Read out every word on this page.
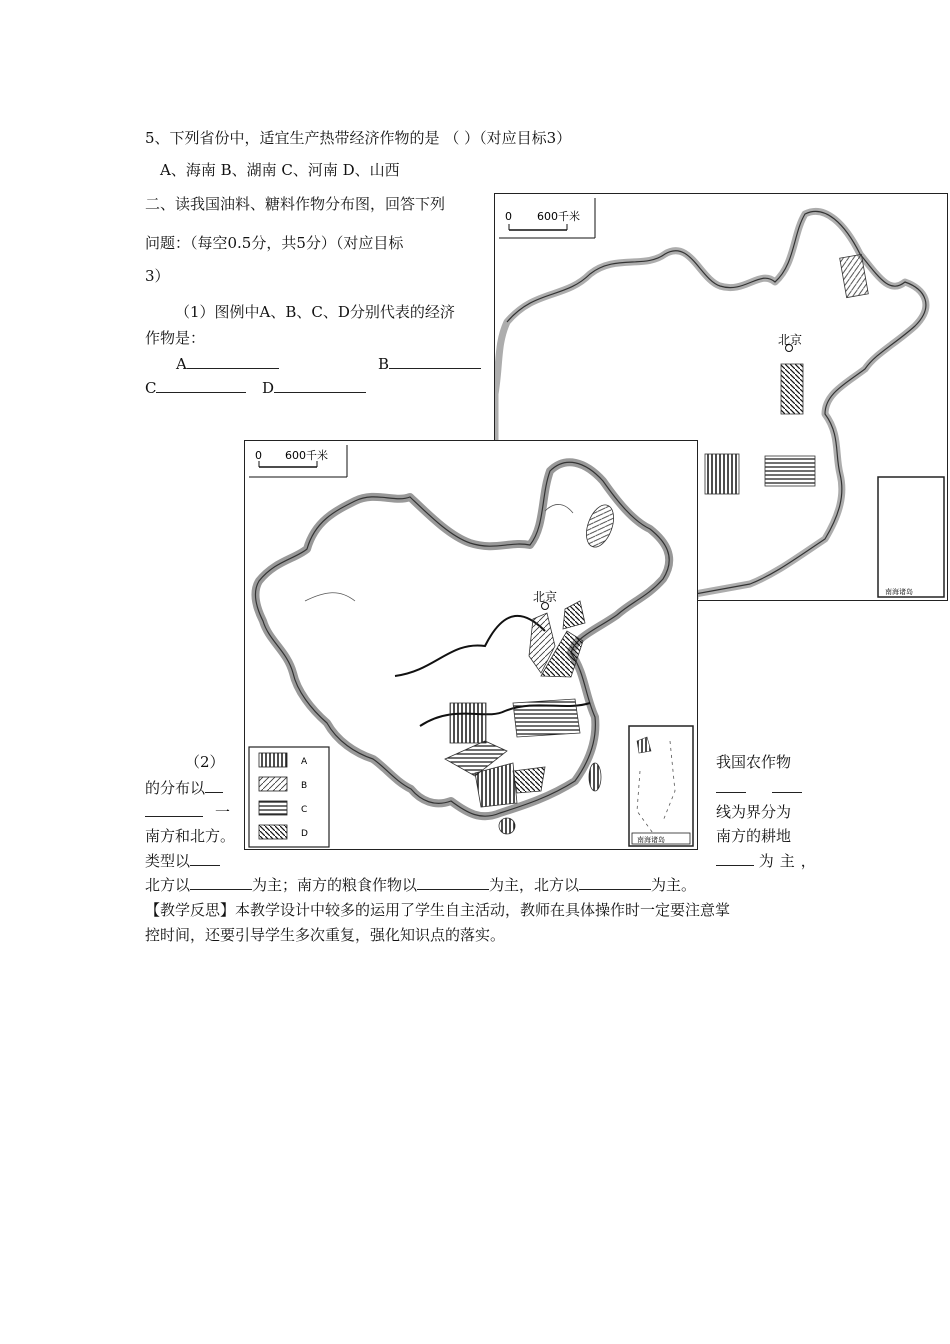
5、下列省份中，适宜生产热带经济作物的是 （ ）（对应目标3）
A、海南 B、湖南 C、河南 D、山西
二、读我国油料、糖料作物分布图，回答下列
问题：（每空0.5分，共5分）（对应目标
3）
（1）图例中A、B、C、D分别代表的经济
作物是：
A	B
C	D
0 600千米
北京
南海诸岛
0 600千米
北京
A
B
C
D
南海诸岛
（2）	我国农作物
的分布以
一	线为界分为
南方和北方。	南方的耕地
类型以	为主，
北方以	为主；南方的粮食作物以	为主，北方以	为主。
【教学反思】本教学设计中较多的运用了学生自主活动，教师在具体操作时一定要注意掌
控时间，还要引导学生多次重复，强化知识点的落实。
